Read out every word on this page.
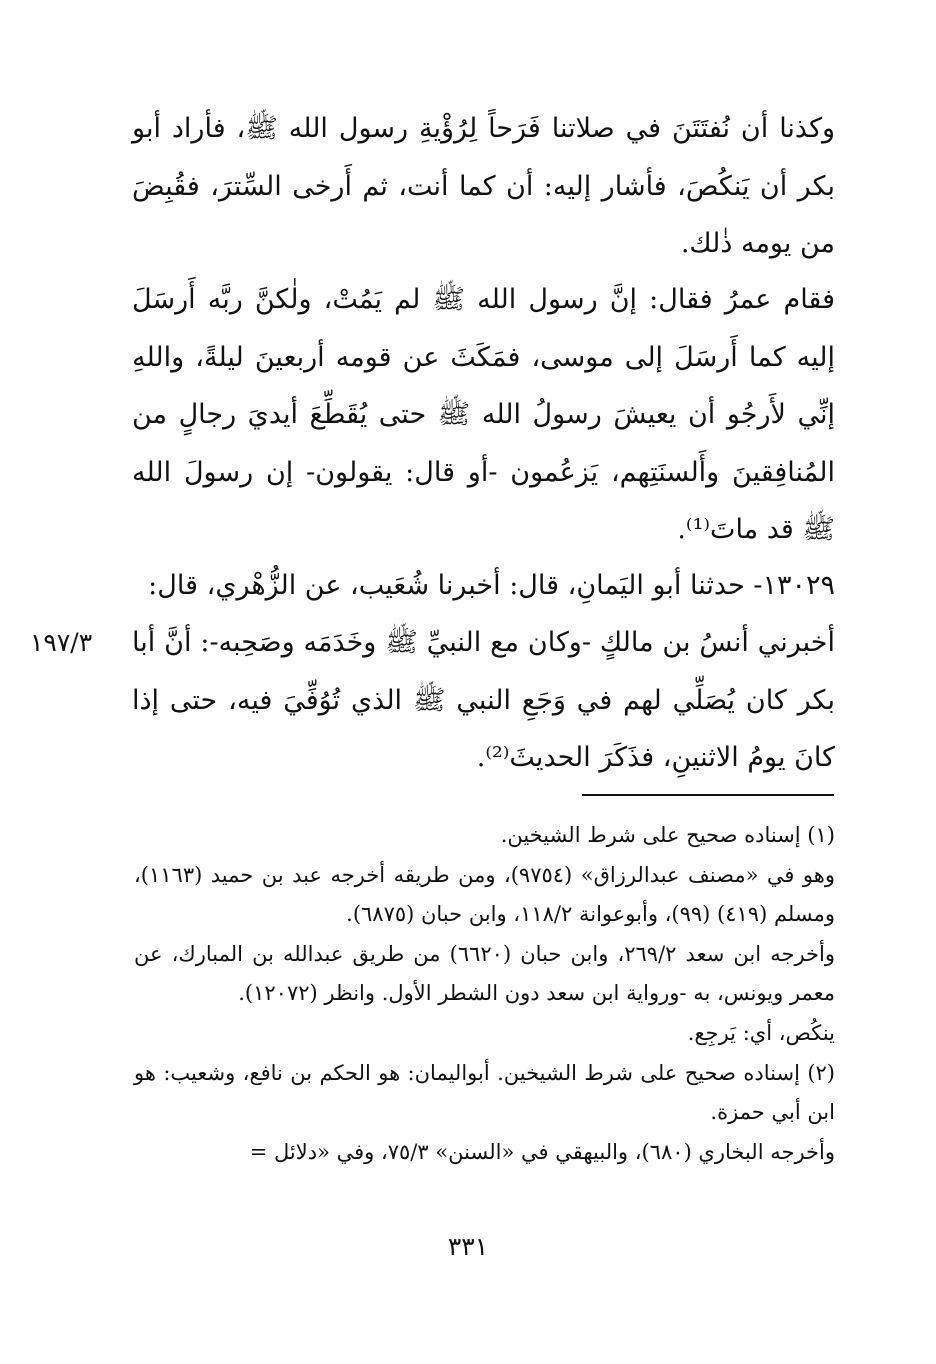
وكذنا أن نُفتَتَنَ في صلاتنا فَرَحاً لِرُؤْيةِ رسول الله ﷺ، فأراد أبو بكر أن يَنكُصَ، فأشار إليه: أن كما أنت، ثم أَرخى السِّترَ، فقُبِضَ من يومه ذٰلك.

فقام عمرُ فقال: إنَّ رسول الله ﷺ لم يَمُتْ، ولٰكنَّ ربَّه أَرسَلَ إليه كما أَرسَلَ إلى موسى، فمَكَثَ عن قومه أربعينَ ليلةً، واللهِ إنِّي لأَرجُو أن يعيشَ رسولُ الله ﷺ حتى يُقَطِّعَ أيديَ رجالٍ من المُنافِقينَ وأَلسنَتِهم، يَزعُمون -أو قال: يقولون- إن رسولَ الله ﷺ قد ماتَ⁽¹⁾.

١٣٠٢٩- حدثنا أبو اليَمانِ، قال: أخبرنا شُعَيب، عن الزُّهْري، قال:

أخبرني أنسُ بن مالكٍ -وكان مع النبيِّ ﷺ وخَدَمَه وصَحِبه-: أنَّ أبا بكر كان يُصَلِّي لهم في وَجَعِ النبي ﷺ الذي تُوُفِّيَ فيه، حتى إذا كانَ يومُ الاثنينِ، فذَكَرَ الحديثَ⁽²⁾.

١٩٧/٣
(١) إسناده صحيح على شرط الشيخين.
وهو في «مصنف عبدالرزاق» (٩٧٥٤)، ومن طريقه أخرجه عبد بن حميد (١١٦٣)، ومسلم (٤١٩) (٩٩)، وأبوعوانة ١١٨/٢، وابن حبان (٦٨٧٥).
وأخرجه ابن سعد ٢٦٩/٢، وابن حبان (٦٦٢٠) من طريق عبدالله بن المبارك، عن معمر ويونس، به -ورواية ابن سعد دون الشطر الأول. وانظر (١٢٠٧٢).
ينكُص، أي: يَرجِع.
(٢) إسناده صحيح على شرط الشيخين. أبواليمان: هو الحكم بن نافع، وشعيب: هو ابن أبي حمزة.
وأخرجه البخاري (٦٨٠)، والبيهقي في «السنن» ٧٥/٣، وفي «دلائل =
٣٣١
